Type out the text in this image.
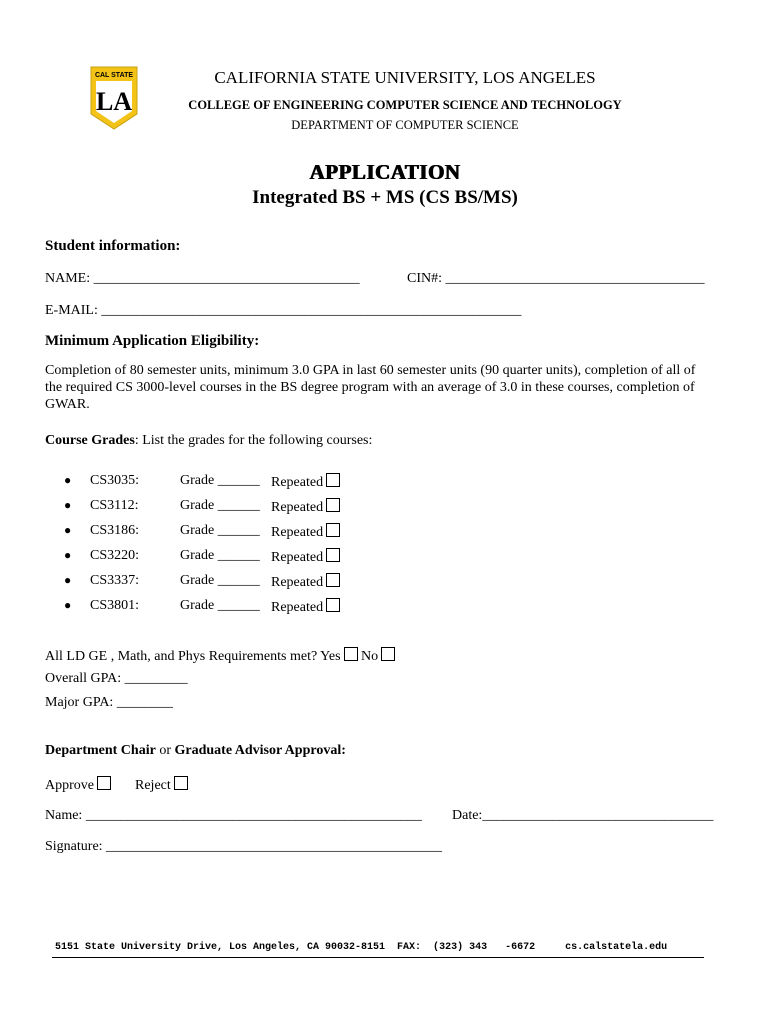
CAL STATE
LA
CALIFORNIA STATE UNIVERSITY, LOS ANGELES
COLLEGE OF ENGINEERING COMPUTER SCIENCE AND TECHNOLOGY
DEPARTMENT OF COMPUTER SCIENCE
APPLICATION
Integrated BS + MS (CS BS/MS)
Student information:
NAME: ______________________________________	CIN#: _____________________________________
E-MAIL: ____________________________________________________________
Minimum Application Eligibility:
Completion of 80 semester units, minimum 3.0 GPA in last 60 semester units (90 quarter units), completion of all of the required CS 3000-level courses in the BS degree program with an average of 3.0 in these courses, completion of GWAR.
Course Grades: List the grades for the following courses:
● CS3035:	Grade ______ Repeated
● CS3112:	Grade ______ Repeated
● CS3186:	Grade ______ Repeated
● CS3220:	Grade ______ Repeated
● CS3337:	Grade ______ Repeated
● CS3801:	Grade ______ Repeated
All LD GE , Math, and Phys Requirements met? Yes No
Overall GPA: _________
Major GPA: ________
Department Chair or Graduate Advisor Approval:
Approve	Reject
Name: ________________________________________________ Date:_________________________________
Signature: ________________________________________________
5151 State University Drive, Los Angeles, CA 90032-8151  FAX:  (323) 343   -6672     cs.calstatela.edu
